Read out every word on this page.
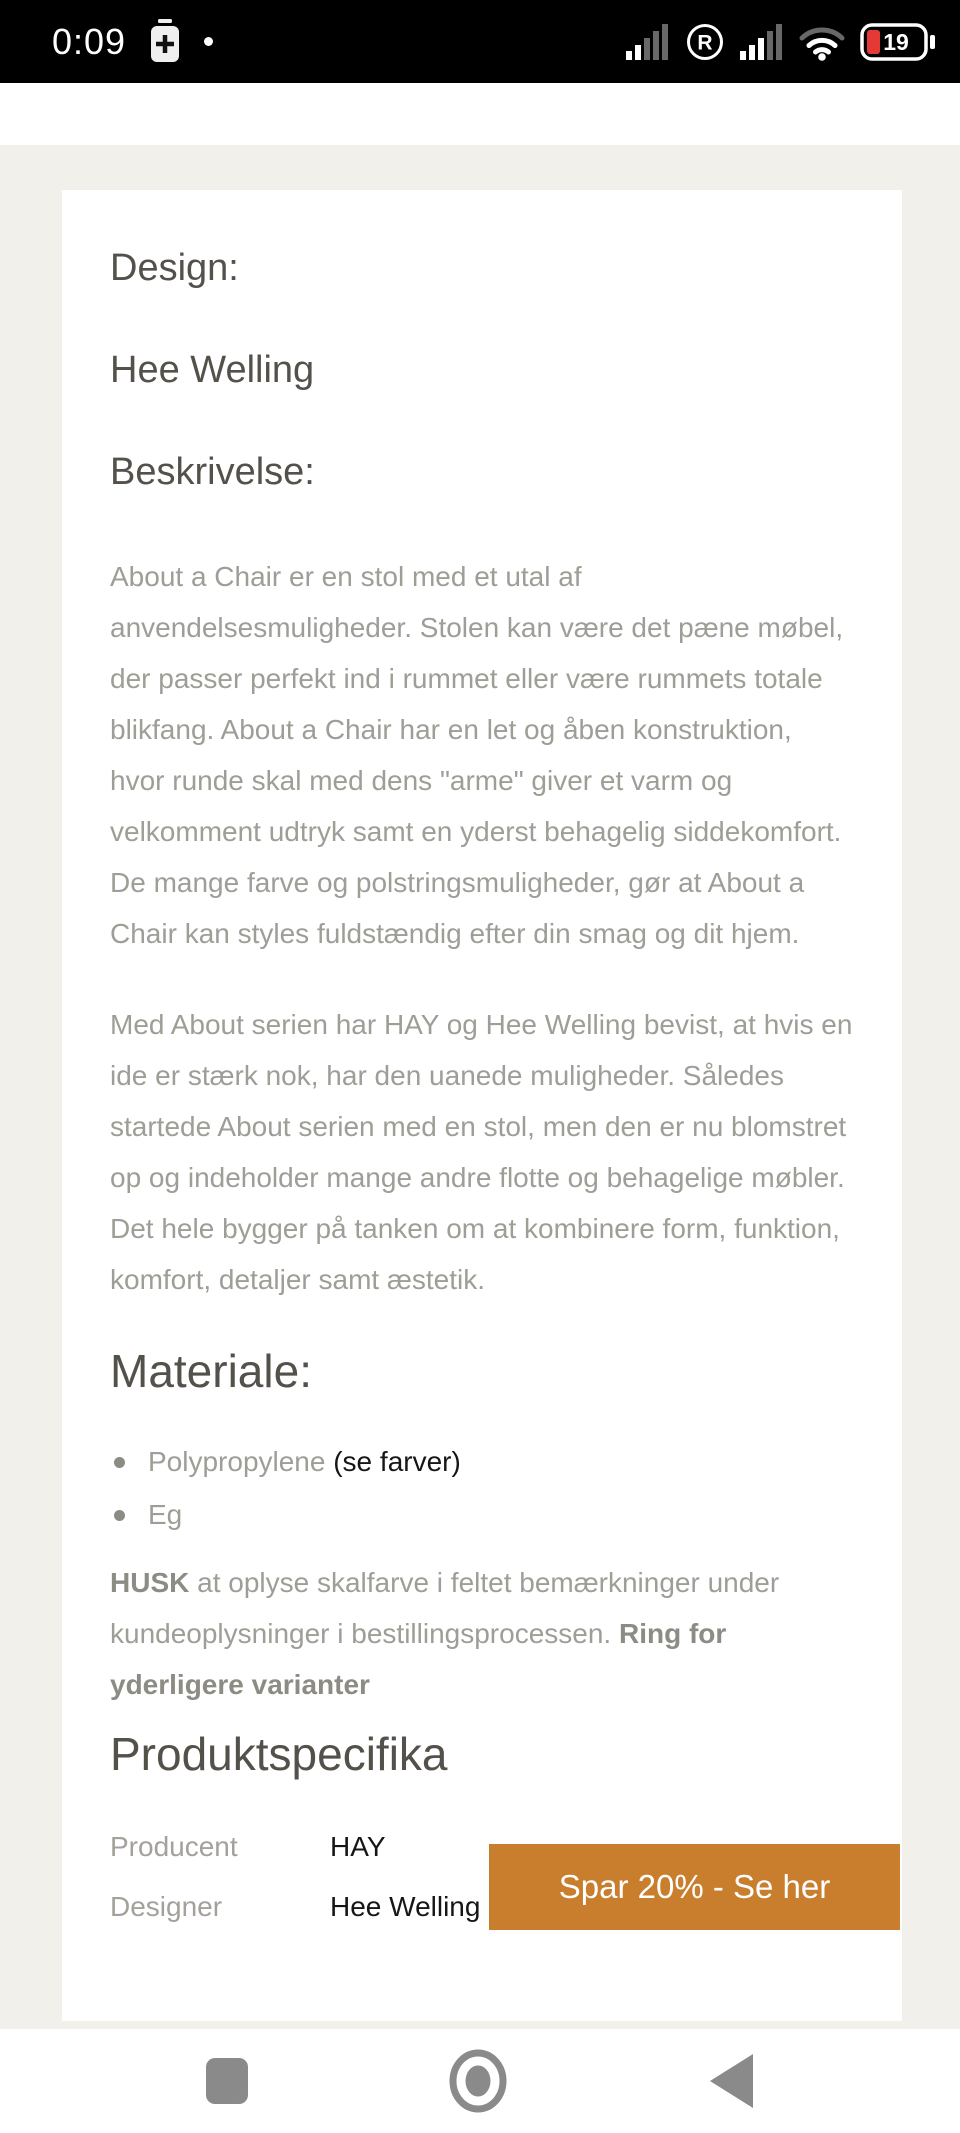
0:09	R	19
Design:
Hee Welling
Beskrivelse:

About a Chair er en stol med et utal af anvendelsesmuligheder. Stolen kan være det pæne møbel, der passer perfekt ind i rummet eller være rummets totale blikfang. About a Chair har en let og åben konstruktion, hvor runde skal med dens "arme" giver et varm og velkomment udtryk samt en yderst behagelig siddekomfort. De mange farve og polstringsmuligheder, gør at About a Chair kan styles fuldstændig efter din smag og dit hjem.

Med About serien har HAY og Hee Welling bevist, at hvis en ide er stærk nok, har den uanede muligheder. Således startede About serien med en stol, men den er nu blomstret op og indeholder mange andre flotte og behagelige møbler. Det hele bygger på tanken om at kombinere form, funktion, komfort, detaljer samt æstetik.

Materiale:
Polypropylene (se farver)
Eg

HUSK at oplyse skalfarve i feltet bemærkninger under kundeoplysninger i bestillingsprocessen. Ring for yderligere varianter

Produktspecifika
Producent	HAY
Designer	Hee Welling
Spar 20% - Se her
